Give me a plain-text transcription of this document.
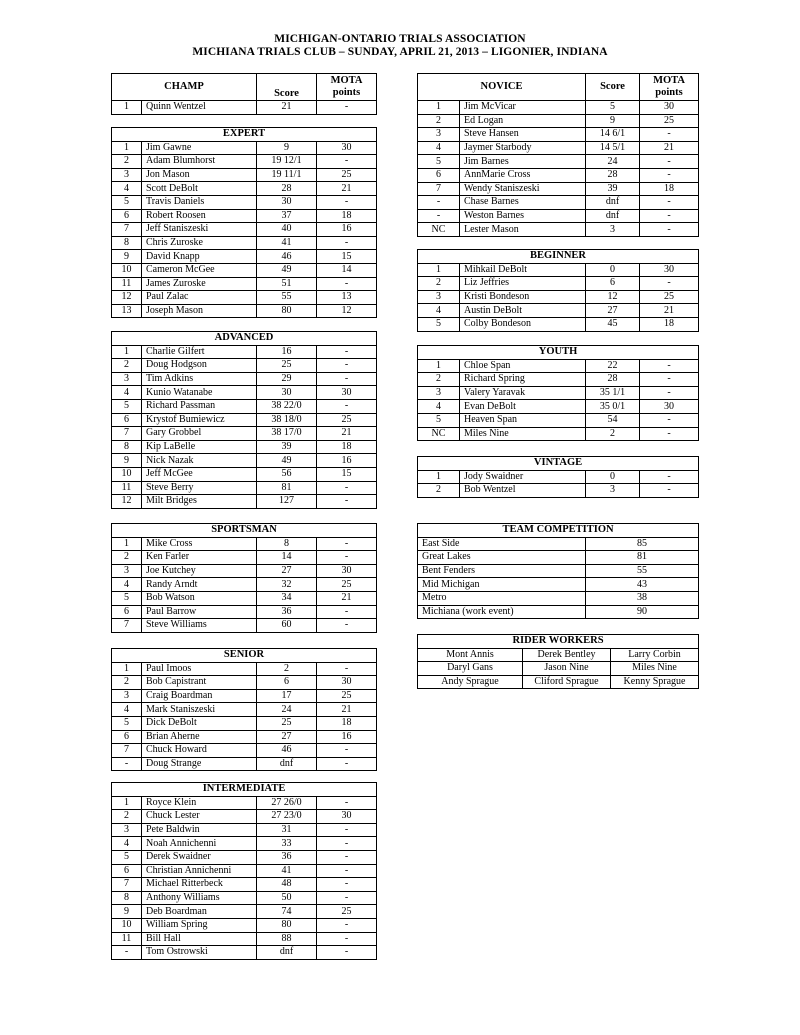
MICHIGAN-ONTARIO TRIALS ASSOCIATION
MICHIANA TRIALS CLUB – SUNDAY, APRIL 21, 2013 – LIGONIER, INDIANA
CHAMP		Score	MOTA points
1	Quinn Wentzel	21	-
EXPERT			
1	Jim Gawne	9	30
2	Adam Blumhorst	19 12/1	-
3	Jon Mason	19 11/1	25
4	Scott DeBolt	28	21
5	Travis Daniels	30	-
6	Robert Roosen	37	18
7	Jeff Staniszeski	40	16
8	Chris Zuroske	41	-
9	David Knapp	46	15
10	Cameron McGee	49	14
11	James Zuroske	51	-
12	Paul Zalac	55	13
13	Joseph Mason	80	12
ADVANCED			
1	Charlie Gilfert	16	-
2	Doug Hodgson	25	-
3	Tim Adkins	29	-
4	Kunio Watanabe	30	30
5	Richard Passman	38 22/0	-
6	Krystof Bumiewicz	38 18/0	25
7	Gary Grobbel	38 17/0	21
8	Kip LaBelle	39	18
9	Nick Nazak	49	16
10	Jeff McGee	56	15
11	Steve Berry	81	-
12	Milt Bridges	127	-
SPORTSMAN			
1	Mike Cross	8	-
2	Ken Farler	14	-
3	Joe Kutchey	27	30
4	Randy Arndt	32	25
5	Bob Watson	34	21
6	Paul Barrow	36	-
7	Steve Williams	60	-
SENIOR			
1	Paul Imoos	2	-
2	Bob Capistrant	6	30
3	Craig Boardman	17	25
4	Mark Staniszeski	24	21
5	Dick DeBolt	25	18
6	Brian Aherne	27	16
7	Chuck Howard	46	-
-	Doug Strange	dnf	-
INTERMEDIATE			
1	Royce Klein	27 26/0	-
2	Chuck Lester	27 23/0	30
3	Pete Baldwin	31	-
4	Noah Annichenni	33	-
5	Derek Swaidner	36	-
6	Christian Annichenni	41	-
7	Michael Ritterbeck	48	-
8	Anthony Williams	50	-
9	Deb Boardman	74	25
10	William Spring	80	-
11	Bill Hall	88	-
-	Tom Ostrowski	dnf	-
NOVICE		Score	MOTA points
1	Jim McVicar	5	30
2	Ed Logan	9	25
3	Steve Hansen	14 6/1	-
4	Jaymer Starbody	14 5/1	21
5	Jim Barnes	24	-
6	AnnMarie Cross	28	-
7	Wendy Staniszeski	39	18
-	Chase Barnes	dnf	-
-	Weston Barnes	dnf	-
NC	Lester Mason	3	-
BEGINNER			
1	Mihkail DeBolt	0	30
2	Liz Jeffries	6	-
3	Kristi Bondeson	12	25
4	Austin DeBolt	27	21
5	Colby Bondeson	45	18
YOUTH			
1	Chloe Span	22	-
2	Richard Spring	28	-
3	Valery Yaravak	35 1/1	-
4	Evan DeBolt	35 0/1	30
5	Heaven Span	54	-
NC	Miles Nine	2	-
VINTAGE			
1	Jody Swaidner	0	-
2	Bob Wentzel	3	-
TEAM COMPETITION	
East Side	85
Great Lakes	81
Bent Fenders	55
Mid Michigan	43
Metro	38
Michiana (work event)	90
RIDER WORKERS		
Mont Annis	Derek Bentley	Larry Corbin
Daryl Gans	Jason Nine	Miles Nine
Andy Sprague	Cliford Sprague	Kenny Sprague
